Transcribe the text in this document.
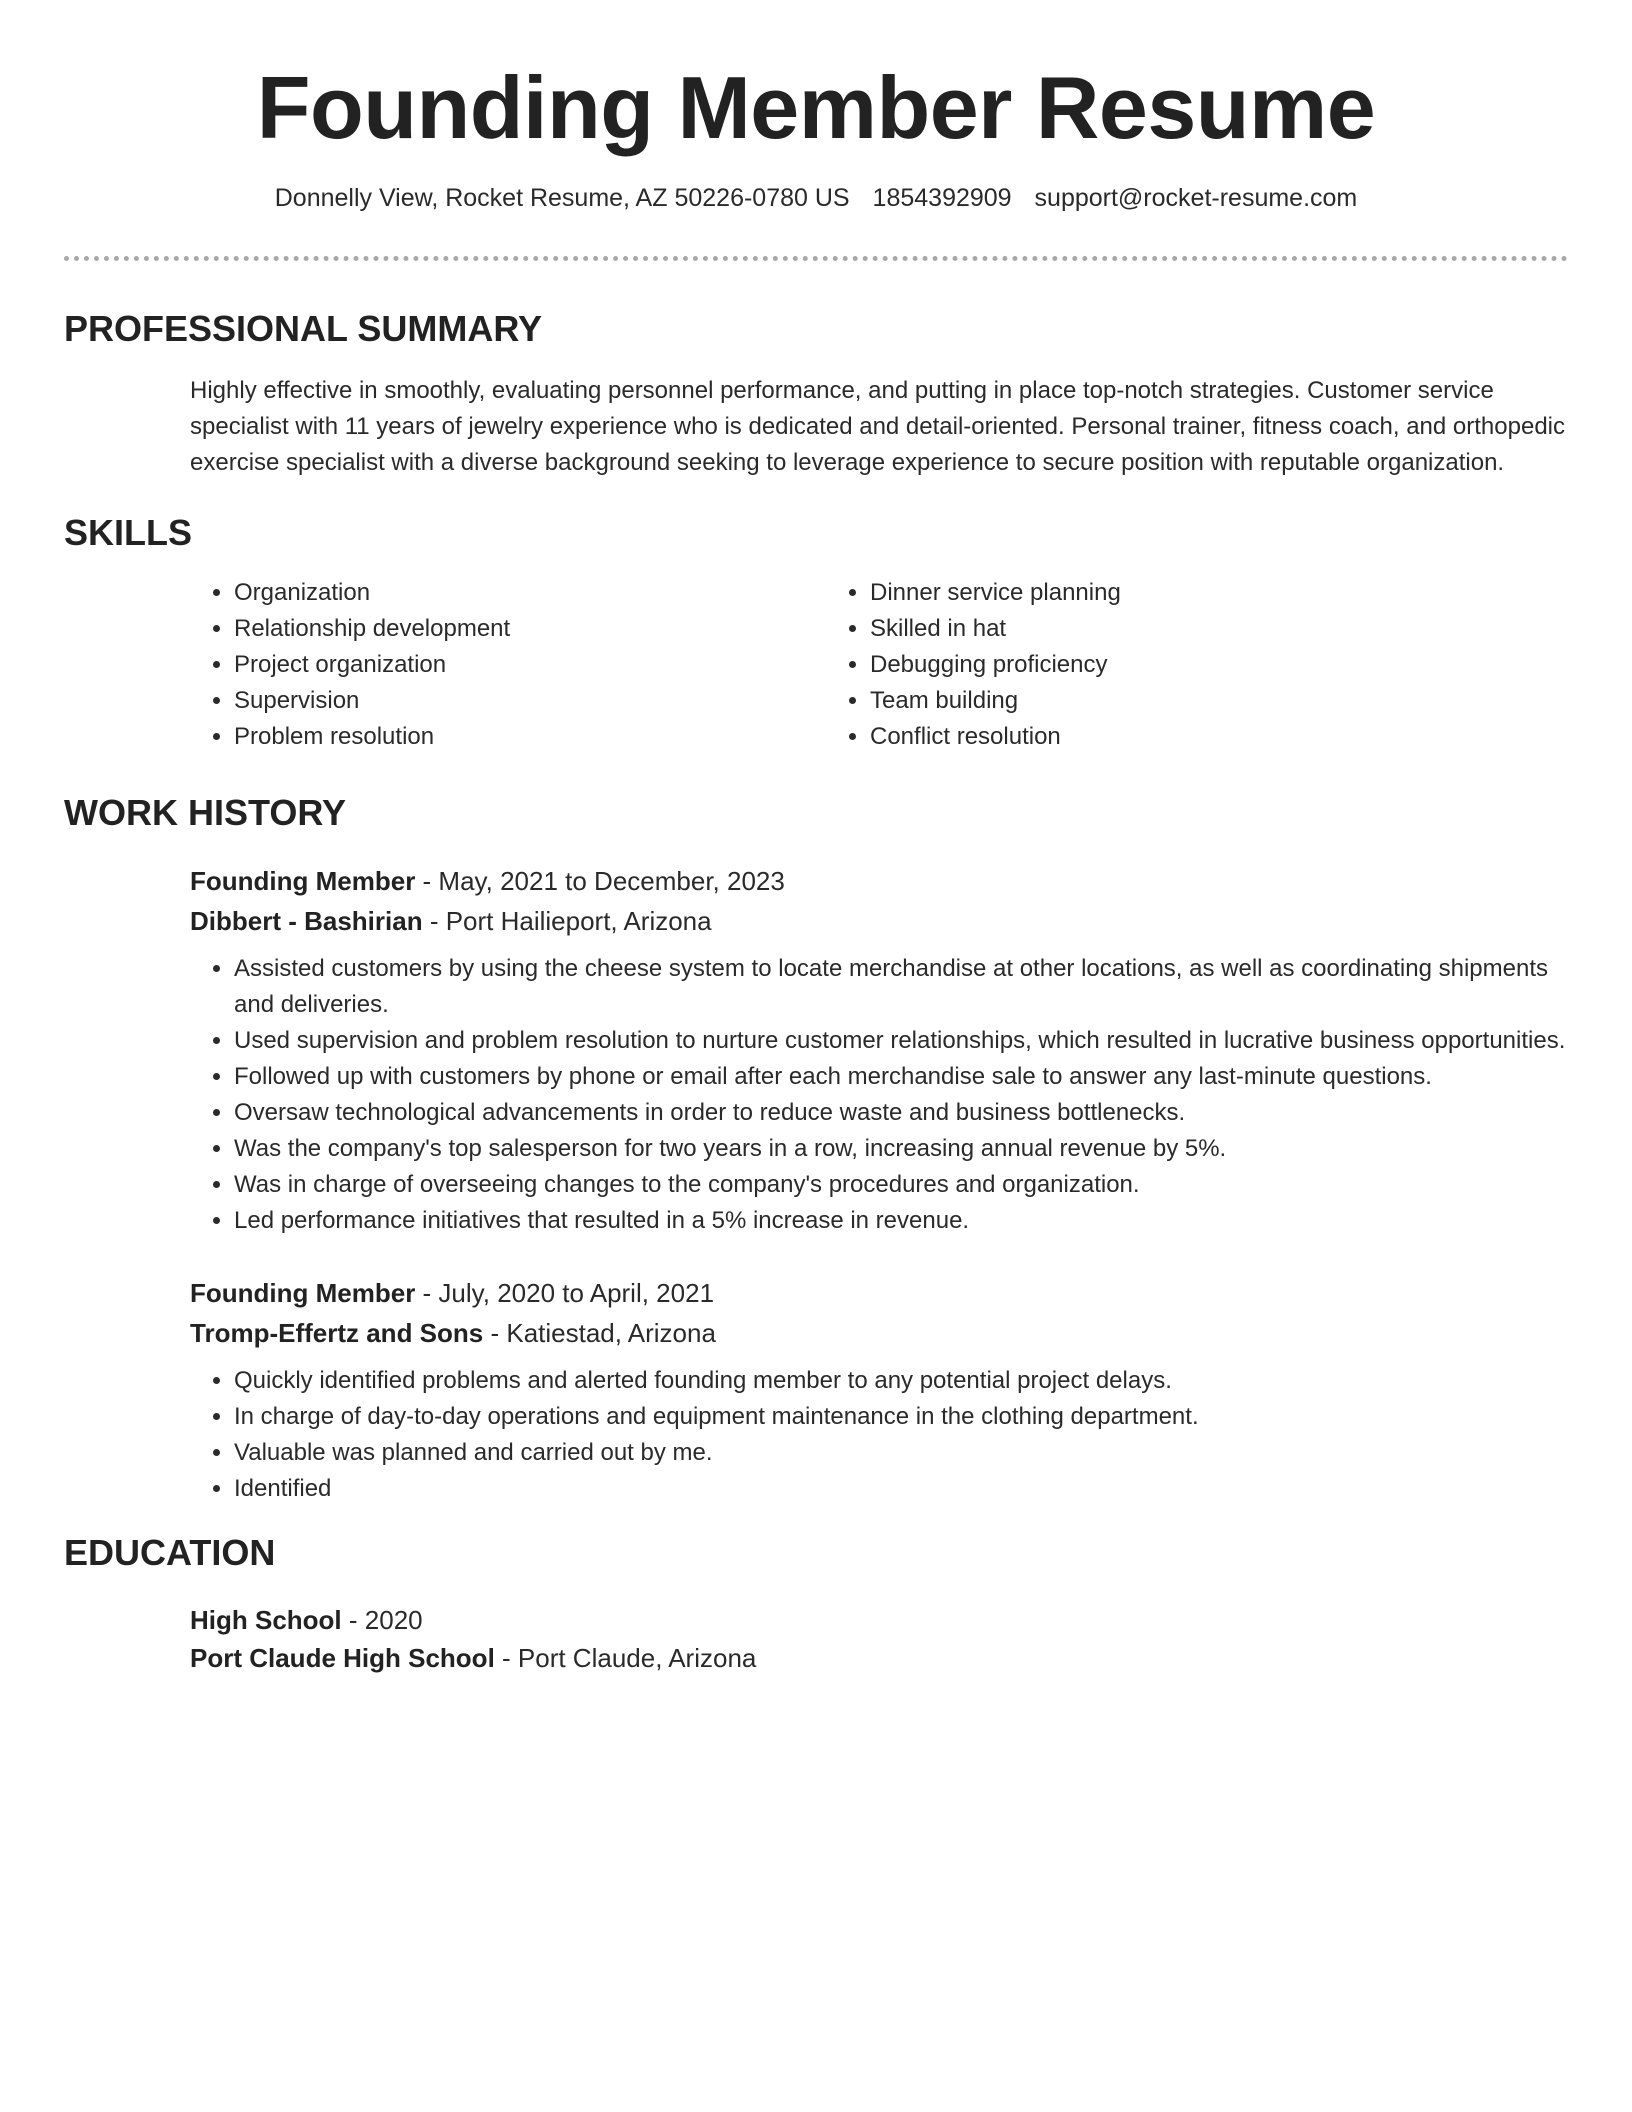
Founding Member Resume
Donnelly View, Rocket Resume, AZ 50226-0780 US 1854392909 support@rocket-resume.com
PROFESSIONAL SUMMARY
Highly effective in smoothly, evaluating personnel performance, and putting in place top-notch strategies. Customer service specialist with 11 years of jewelry experience who is dedicated and detail-oriented. Personal trainer, fitness coach, and orthopedic exercise specialist with a diverse background seeking to leverage experience to secure position with reputable organization.
SKILLS
• Organization
• Relationship development
• Project organization
• Supervision
• Problem resolution
• Dinner service planning
• Skilled in hat
• Debugging proficiency
• Team building
• Conflict resolution
WORK HISTORY
Founding Member - May, 2021 to December, 2023
Dibbert - Bashirian - Port Hailieport, Arizona
• Assisted customers by using the cheese system to locate merchandise at other locations, as well as coordinating shipments and deliveries.
• Used supervision and problem resolution to nurture customer relationships, which resulted in lucrative business opportunities.
• Followed up with customers by phone or email after each merchandise sale to answer any last-minute questions.
• Oversaw technological advancements in order to reduce waste and business bottlenecks.
• Was the company's top salesperson for two years in a row, increasing annual revenue by 5%.
• Was in charge of overseeing changes to the company's procedures and organization.
• Led performance initiatives that resulted in a 5% increase in revenue.
Founding Member - July, 2020 to April, 2021
Tromp-Effertz and Sons - Katiestad, Arizona
• Quickly identified problems and alerted founding member to any potential project delays.
• In charge of day-to-day operations and equipment maintenance in the clothing department.
• Valuable was planned and carried out by me.
• Identified
EDUCATION
High School - 2020
Port Claude High School - Port Claude, Arizona
